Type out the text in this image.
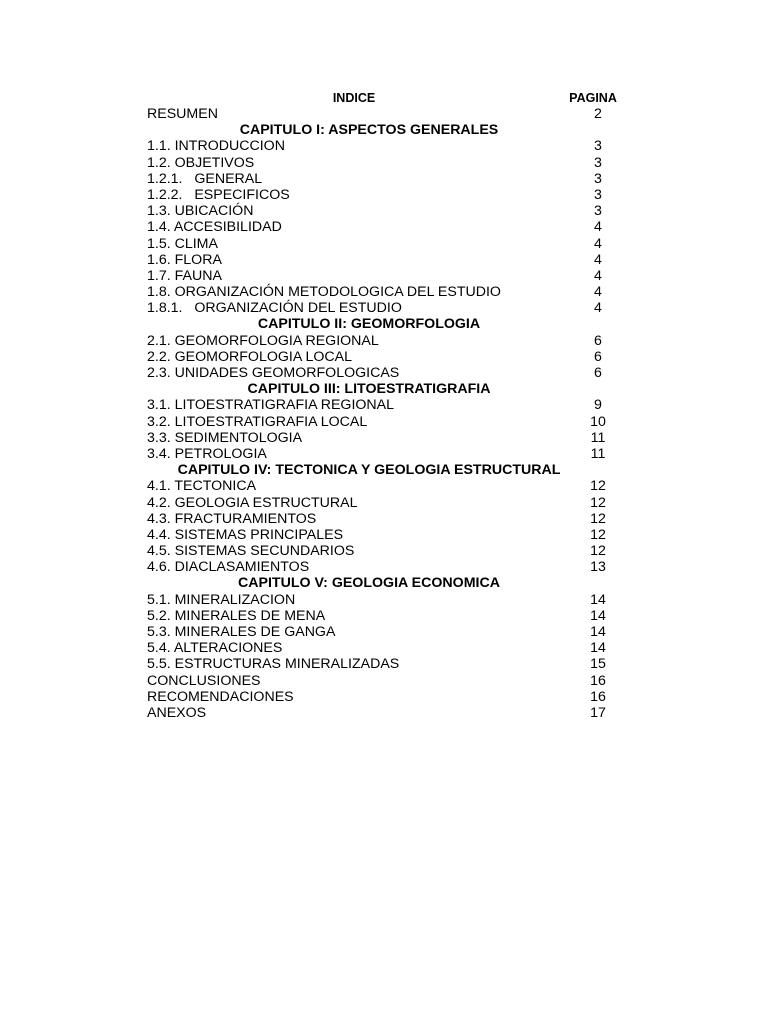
INDICE	PAGINA
RESUMEN	2
CAPITULO I: ASPECTOS GENERALES
1.1. INTRODUCCION	3
1.2. OBJETIVOS	3
1.2.1.   GENERAL	3
1.2.2.   ESPECIFICOS	3
1.3. UBICACIÓN	3
1.4. ACCESIBILIDAD	4
1.5. CLIMA	4
1.6. FLORA	4
1.7. FAUNA	4
1.8. ORGANIZACIÓN METODOLOGICA DEL ESTUDIO	4
1.8.1.   ORGANIZACIÓN DEL ESTUDIO	4
CAPITULO II: GEOMORFOLOGIA
2.1. GEOMORFOLOGIA REGIONAL	6
2.2. GEOMORFOLOGIA LOCAL	6
2.3. UNIDADES GEOMORFOLOGICAS	6
CAPITULO III: LITOESTRATIGRAFIA
3.1. LITOESTRATIGRAFIA REGIONAL	9
3.2. LITOESTRATIGRAFIA LOCAL	10
3.3. SEDIMENTOLOGIA	11
3.4. PETROLOGIA	11
CAPITULO IV: TECTONICA Y GEOLOGIA ESTRUCTURAL
4.1. TECTONICA	12
4.2. GEOLOGIA ESTRUCTURAL	12
4.3. FRACTURAMIENTOS	12
4.4. SISTEMAS PRINCIPALES	12
4.5. SISTEMAS SECUNDARIOS	12
4.6. DIACLASAMIENTOS	13
CAPITULO V: GEOLOGIA ECONOMICA
5.1. MINERALIZACION	14
5.2. MINERALES DE MENA	14
5.3. MINERALES DE GANGA	14
5.4. ALTERACIONES	14
5.5. ESTRUCTURAS MINERALIZADAS	15
CONCLUSIONES	16
RECOMENDACIONES	16
ANEXOS	17
